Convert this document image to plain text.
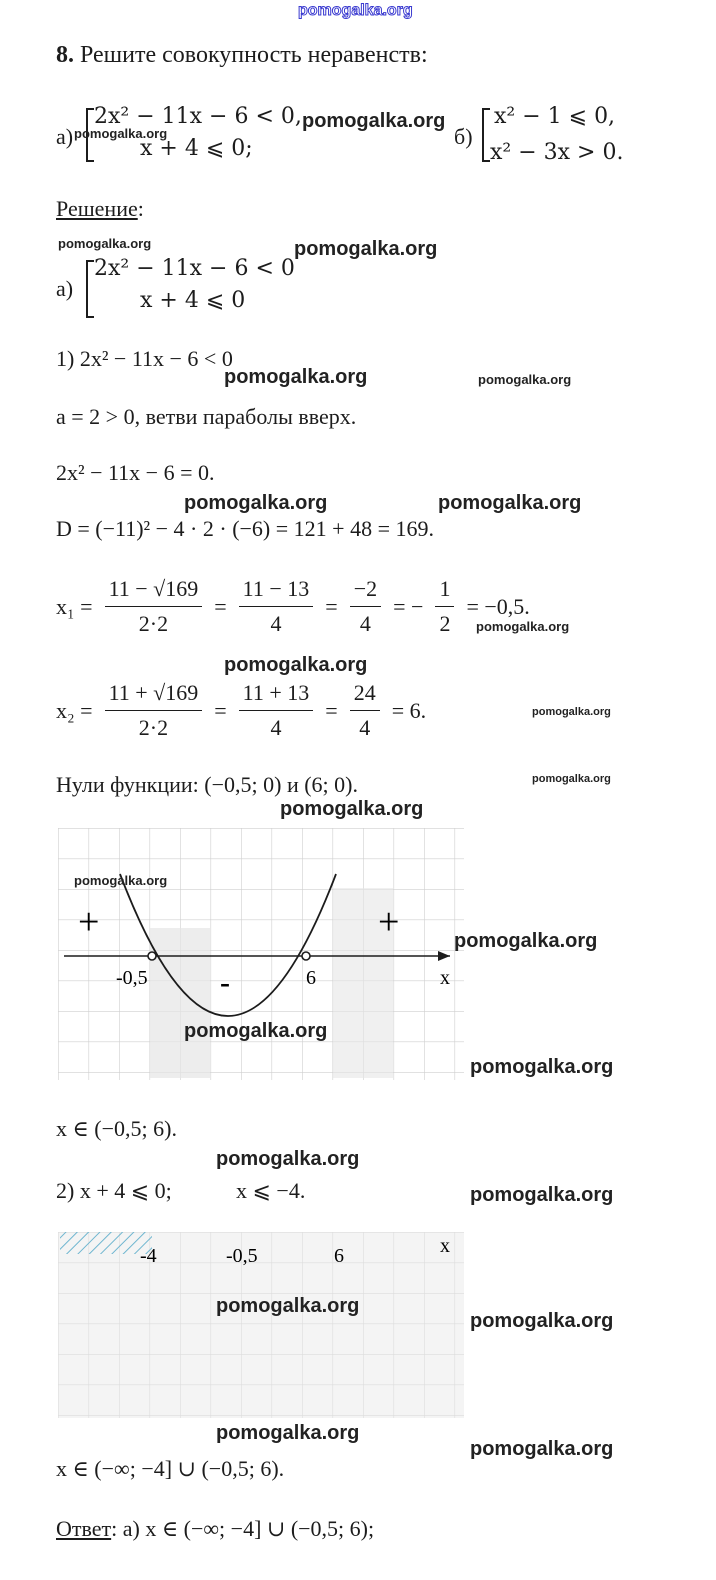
pomogalka.org
8. Решите совокупность неравенств:
а)
2x² − 11x − 6 < 0,
x + 4 ⩽ 0;	б)
x² − 1 ⩽ 0,
x² − 3x > 0.
Решение:
а)
2x² − 11x − 6 < 0
x + 4 ⩽ 0
1) 2x² − 11x − 6 < 0
а = 2 > 0, ветви параболы вверх.
2x² − 11x − 6 = 0.
D = (−11)² − 4 · 2 · (−6) = 121 + 48 = 169.
$x_1 = \frac{11 - √169}{2\cdot 2} = \frac{11 - 13}{4} = \frac{-2}{4}$ = − $\frac{1}{2} = -0,5$.
$x_2 = \frac{11 + √169}{2\cdot 2} = \frac{11 + 13}{4} = \frac{24}{4} = 6$.
Нули функции: (−0,5; 0) и (6; 0).
+	+
-
-0,5	6	x
x ∈ (−0,5; 6).
2) x + 4 ⩽ 0;	x ⩽ −4.
-4	-0,5	6	x
x ∈ (−∞; −4] ∪ (−0,5; 6).
Ответ: а) x ∈ (−∞; −4] ∪ (−0,5; 6);
pomogalka.org
pomogalka.org
pomogalka.org	pomogalka.org
pomogalka.org	pomogalka.org
pomogalka.org	pomogalka.org
pomogalka.org
pomogalka.org
pomogalka.org
pomogalka.org
pomogalka.org
pomogalka.org
pomogalka.org
pomogalka.org
pomogalka.org
pomogalka.org
pomogalka.org
pomogalka.org
pomogalka.org
pomogalka.org
pomogalka.org
